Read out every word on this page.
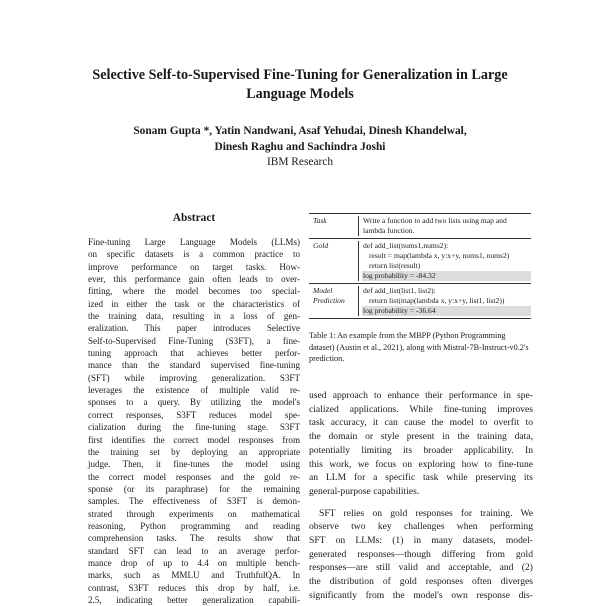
Selective Self-to-Supervised Fine-Tuning for Generalization in Large
Language Models
Sonam Gupta *, Yatin Nandwani, Asaf Yehudai, Dinesh Khandelwal,
Dinesh Raghu and Sachindra Joshi
IBM Research
Abstract
Fine-tuning Large Language Models (LLMs)
on specific datasets is a common practice to
improve performance on target tasks. How-
ever, this performance gain often leads to over-
fitting, where the model becomes too special-
ized in either the task or the characteristics of
the training data, resulting in a loss of gen-
eralization. This paper introduces Selective
Self-to-Supervised Fine-Tuning (S3FT), a fine-
tuning approach that achieves better perfor-
mance than the standard supervised fine-tuning
(SFT) while improving generalization. S3FT
leverages the existence of multiple valid re-
sponses to a query. By utilizing the model's
correct responses, S3FT reduces model spe-
cialization during the fine-tuning stage. S3FT
first identifies the correct model responses from
the training set by deploying an appropriate
judge. Then, it fine-tunes the model using
the correct model responses and the gold re-
sponse (or its paraphrase) for the remaining
samples. The effectiveness of S3FT is demon-
strated through experiments on mathematical
reasoning, Python programming and reading
comprehension tasks. The results show that
standard SFT can lead to an average perfor-
mance drop of up to 4.4 on multiple bench-
marks, such as MMLU and TruthfulQA. In
contrast, S3FT reduces this drop by half, i.e.
2.5, indicating better generalization capabili-
Task	Write a function to add two lists using map and
lambda function.
Gold	def add_list(nums1,nums2):
result = map(lambda x, y:x+y, nums1, nums2)
return list(result)
log probability = -84.32
Model Prediction
def add_list(list1, list2):
return list(map(lambda x, y:x+y, list1, list2))
log probability = -36.64
Table 1: An example from the MBPP (Python Programming dataset) (Austin et al., 2021), along with Mistral-7B-Instruct-v0.2's prediction.
used approach to enhance their performance in spe-
cialized applications. While fine-tuning improves
task accuracy, it can cause the model to overfit to
the domain or style present in the training data,
potentially limiting its broader applicability. In
this work, we focus on exploring how to fine-tune
an LLM for a specific task while preserving its
general-purpose capabilities.
SFT relies on gold responses for training. We
observe two key challenges when performing
SFT on LLMs: (1) in many datasets, model-
generated responses—though differing from gold
responses—are still valid and acceptable, and (2)
the distribution of gold responses often diverges
significantly from the model's own response dis-
